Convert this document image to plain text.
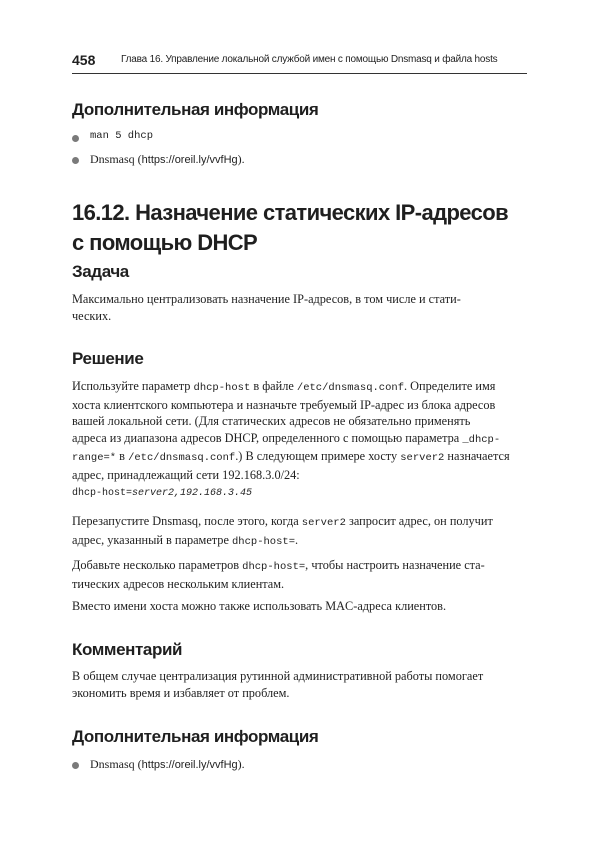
458	Глава 16. Управление локальной службой имен с помощью Dnsmasq и файла hosts
Дополнительная информация
man 5 dhcp
Dnsmasq (https://oreil.ly/vvfHg).
16.12. Назначение статических IP-адресов
с помощью DHCP
Задача

Максимально централизовать назначение IP-адресов, в том числе и стати-
ческих.

Решение

Используйте параметр dhcp-host в файле /etc/dnsmasq.conf. Определите имя
хоста клиентского компьютера и назначьте требуемый IP-адрес из блока адресов
вашей локальной сети. (Для статических адресов не обязательно применять
адреса из диапазона адресов DHCP, определенного с помощью параметра _dhcp-
range=* в /etc/dnsmasq.conf.) В следующем примере хосту server2 назначается
адрес, принадлежащий сети 192.168.3.0/24:

dhcp-host=server2,192.168.3.45

Перезапустите Dnsmasq, после этого, когда server2 запросит адрес, он получит
адрес, указанный в параметре dhcp-host=.

Добавьте несколько параметров dhcp-host=, чтобы настроить назначение ста-
тических адресов нескольким клиентам.

Вместо имени хоста можно также использовать MAC-адреса клиентов.

Комментарий

В общем случае централизация рутинной административной работы помогает
экономить время и избавляет от проблем.

Дополнительная информация
Dnsmasq (https://oreil.ly/vvfHg).
